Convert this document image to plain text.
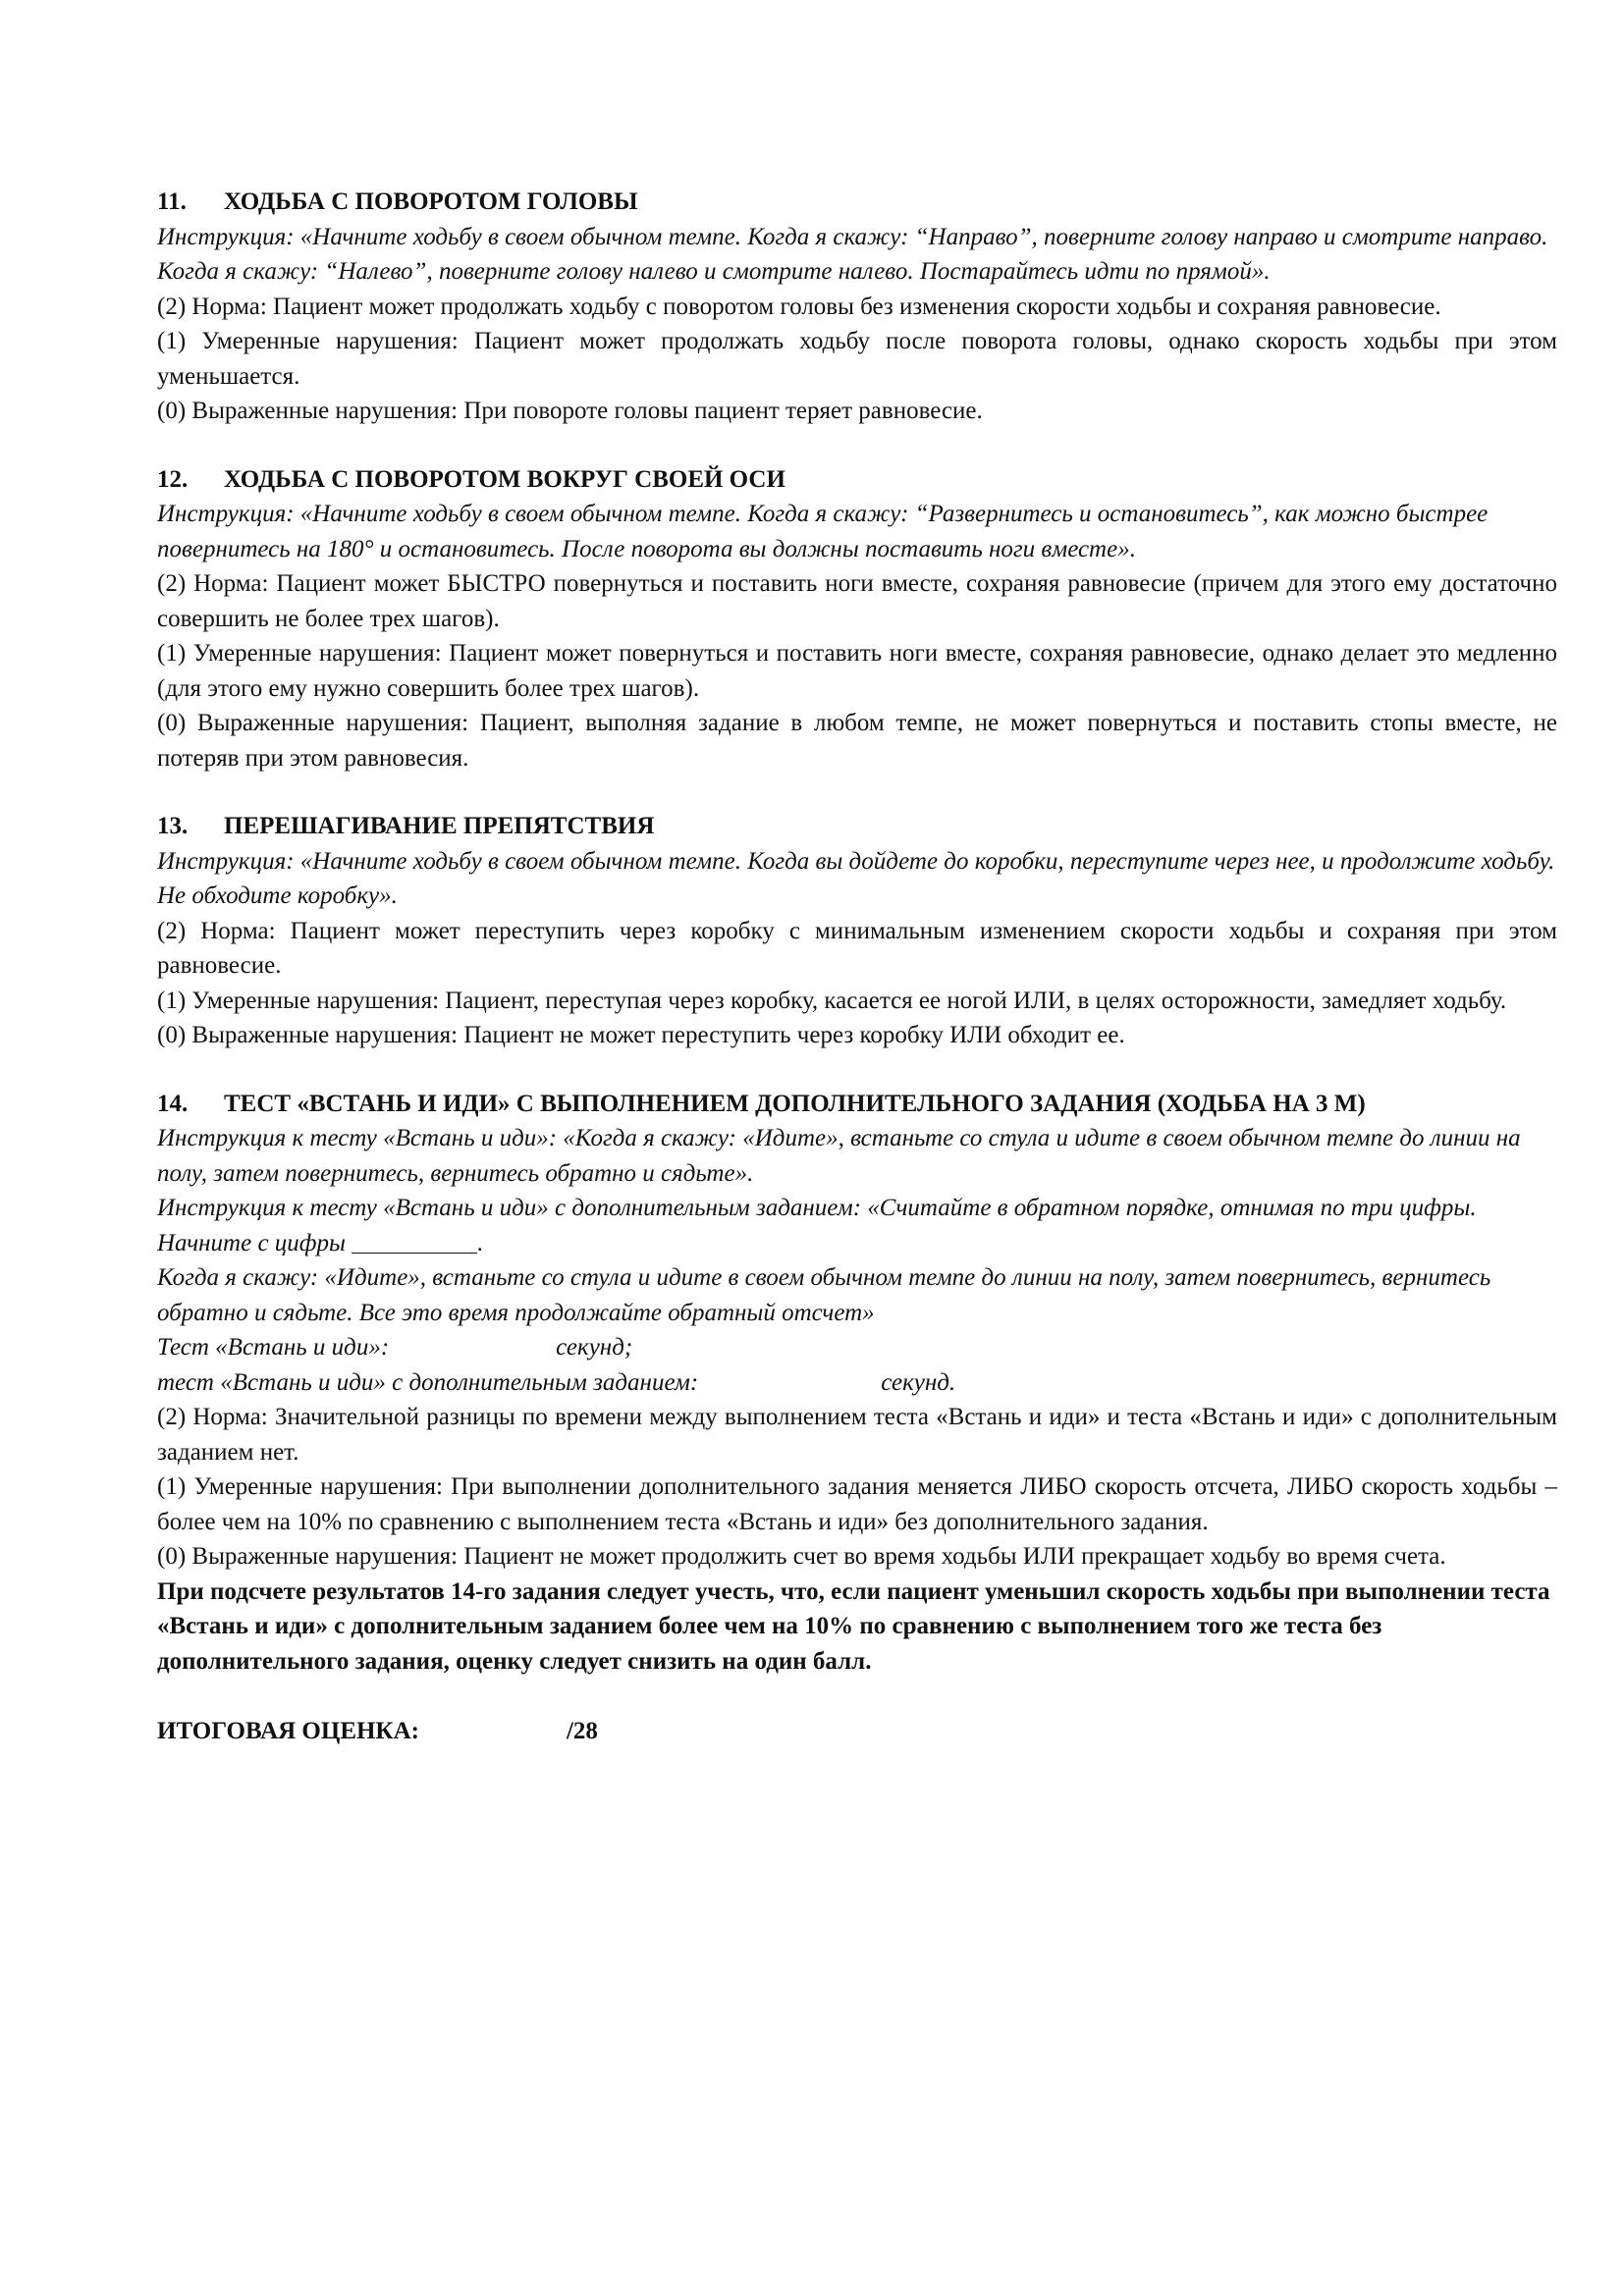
11. ХОДЬБА С ПОВОРОТОМ ГОЛОВЫ

Инструкция: «Начните ходьбу в своем обычном темпе. Когда я скажу: “Направо”, поверните голову направо и смотрите направо. Когда я скажу: “Налево”, поверните голову налево и смотрите налево. Постарайтесь идти по прямой».

(2) Норма: Пациент может продолжать ходьбу с поворотом головы без изменения скорости ходьбы и сохраняя равновесие.

(1) Умеренные нарушения: Пациент может продолжать ходьбу после поворота головы, однако скорость ходьбы при этом уменьшается.

(0) Выраженные нарушения: При повороте головы пациент теряет равновесие.

12. ХОДЬБА С ПОВОРОТОМ ВОКРУГ СВОЕЙ ОСИ

Инструкция: «Начните ходьбу в своем обычном темпе. Когда я скажу: “Развернитесь и остановитесь”, как можно быстрее повернитесь на 180° и остановитесь. После поворота вы должны поставить ноги вместе».

(2) Норма: Пациент может БЫСТРО повернуться и поставить ноги вместе, сохраняя равновесие (причем для этого ему достаточно совершить не более трех шагов).

(1) Умеренные нарушения: Пациент может повернуться и поставить ноги вместе, сохраняя равновесие, однако делает это медленно (для этого ему нужно совершить более трех шагов).

(0) Выраженные нарушения: Пациент, выполняя задание в любом темпе, не может повернуться и поставить стопы вместе, не потеряв при этом равновесия.

13. ПЕРЕШАГИВАНИЕ ПРЕПЯТСТВИЯ

Инструкция: «Начните ходьбу в своем обычном темпе. Когда вы дойдете до коробки, переступите через нее, и продолжите ходьбу. Не обходите коробку».

(2) Норма: Пациент может переступить через коробку с минимальным изменением скорости ходьбы и сохраняя при этом равновесие.

(1) Умеренные нарушения: Пациент, переступая через коробку, касается ее ногой ИЛИ, в целях осторожности, замедляет ходьбу.

(0) Выраженные нарушения: Пациент не может переступить через коробку ИЛИ обходит ее.

14.	ТЕСТ «ВСТАНЬ И ИДИ» С ВЫПОЛНЕНИЕМ ДОПОЛНИТЕЛЬНОГО ЗАДАНИЯ (ХОДЬБА НА 3 М)

Инструкция к тесту «Встань и иди»: «Когда я скажу: «Идите», встаньте со стула и идите в своем обычном темпе до линии на полу, затем повернитесь, вернитесь обратно и сядьте».

Инструкция к тесту «Встань и иди» с дополнительным заданием: «Считайте в обратном порядке, отнимая по три цифры. Начните с цифры	.

Когда я скажу: «Идите», встаньте со стула и идите в своем обычном темпе до линии на полу, затем повернитесь, вернитесь обратно и сядьте. Все это время продолжайте обратный отсчет»

Тест «Встань и иди»:	секунд;

тест «Встань и иди» с дополнительным заданием:	секунд.

(2) Норма: Значительной разницы по времени между выполнением теста «Встань и иди» и теста «Встань и иди» с дополнительным заданием нет.

(1) Умеренные нарушения: При выполнении дополнительного задания меняется ЛИБО скорость отсчета, ЛИБО скорость ходьбы – более чем на 10% по сравнению с выполнением теста «Встань и иди» без дополнительного задания.

(0) Выраженные нарушения: Пациент не может продолжить счет во время ходьбы ИЛИ прекращает ходьбу во время счета.

При подсчете результатов 14-го задания следует учесть, что, если пациент уменьшил скорость ходьбы при выполнении теста «Встань и иди» с дополнительным заданием более чем на 10% по сравнению с выполнением того же теста без дополнительного задания, оценку следует снизить на один балл.

ИТОГОВАЯ ОЦЕНКА:	/28
